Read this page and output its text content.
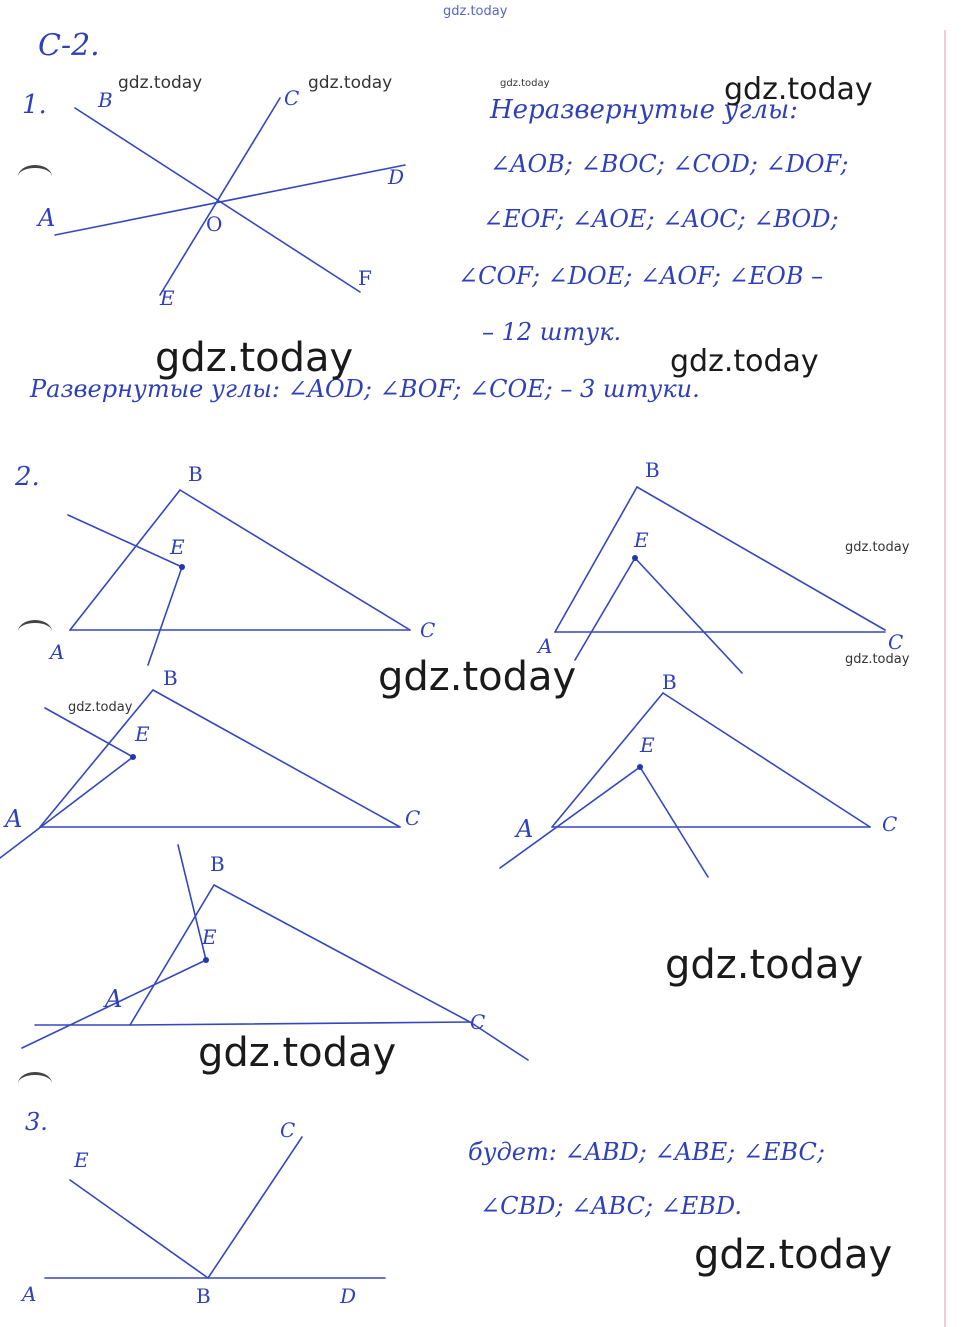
gdz.today
С-2.
1.	B	C
D
A	O
E
F
Неразвернутые углы:
∠AOB; ∠BOC; ∠COD; ∠DOF;
∠EOF; ∠AOE; ∠AOC; ∠BOD;
∠COF; ∠DOE; ∠AOF; ∠EOB –
– 12 штук.
Развернутые углы: ∠AOD; ∠BOF; ∠COE; – 3 штуки.
2.	B
E
A
C
B
E
A	C
B
E
A	C
B
E
A	C
B
E
A
C
3.
E
C
A	B	D
будет: ∠ABD; ∠ABE; ∠EBC;
∠CBD; ∠ABC; ∠EBD.
gdz.today	gdz.today	gdz.today	gdz.today
gdz.today	gdz.today
gdz.today
gdz.today
gdz.today
gdz.today
gdz.today
gdz.today
gdz.today
